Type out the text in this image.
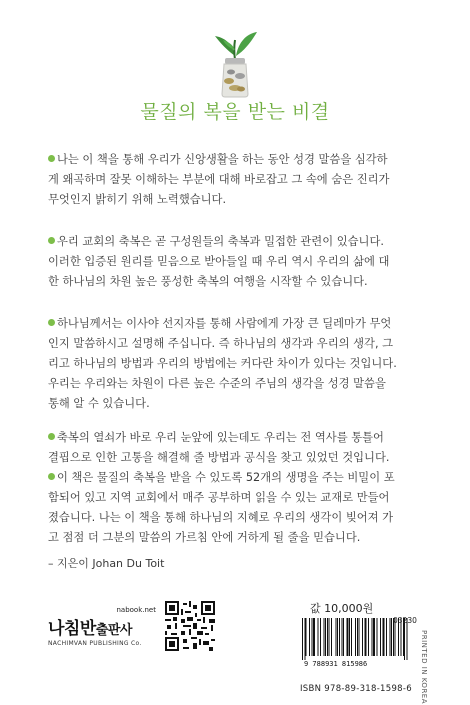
물질의 복을 받는 비결

나는 이 책을 통해 우리가 신앙생활을 하는 동안 성경 말씀을 심각하
게 왜곡하며 잘못 이해하는 부분에 대해 바로잡고 그 속에 숨은 진리가
무엇인지 밝히기 위해 노력했습니다.

우리 교회의 축복은 곧 구성원들의 축복과 밀접한 관련이 있습니다.
이러한 입증된 원리를 믿음으로 받아들일 때 우리 역시 우리의 삶에 대
한 하나님의 차원 높은 풍성한 축복의 여행을 시작할 수 있습니다.

하나님께서는 이사야 선지자를 통해 사람에게 가장 큰 딜레마가 무엇
인지 말씀하시고 설명해 주십니다. 즉 하나님의 생각과 우리의 생각, 그
리고 하나님의 방법과 우리의 방법에는 커다란 차이가 있다는 것입니다.
우리는 우리와는 차원이 다른 높은 수준의 주님의 생각을 성경 말씀을
통해 알 수 있습니다.

축복의 열쇠가 바로 우리 눈앞에 있는데도 우리는 전 역사를 통틀어
결핍으로 인한 고통을 해결해 줄 방법과 공식을 찾고 있었던 것입니다.

이 책은 물질의 축복을 받을 수 있도록 52개의 생명을 주는 비밀이 포
함되어 있고 지역 교회에서 매주 공부하며 읽을 수 있는 교재로 만들어
졌습니다. 나는 이 책을 통해 하나님의 지혜로 우리의 생각이 빚어져 가
고 점점 더 그분의 말씀의 가르침 안에 거하게 될 줄을 믿습니다.

– 지은이 Johan Du Toit
nabook.net
나침반출판사
NACHIMVAN PUBLISHING Co.
값 10,000원
9 788931 815986
03230
ISBN 978-89-318-1598-6 PRINTED IN KOREA
